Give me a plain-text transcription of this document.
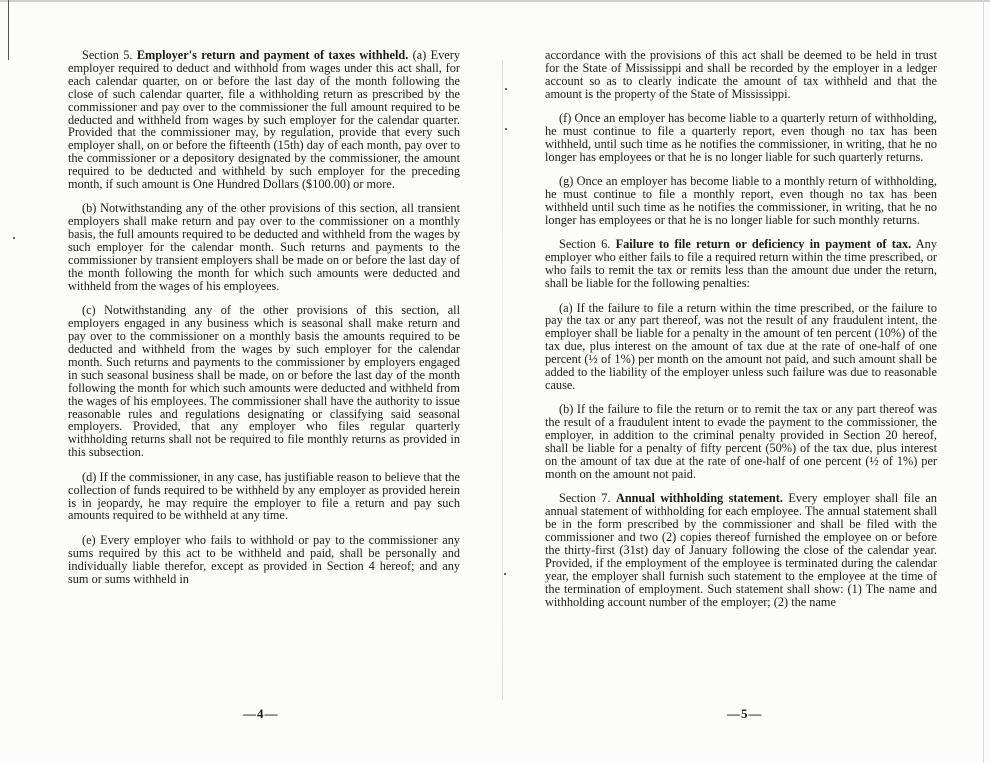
Section 5. Employer's return and payment of taxes withheld. (a) Every employer required to deduct and withhold from wages under this act shall, for each calendar quarter, on or before the last day of the month following the close of such calendar quarter, file a withholding return as prescribed by the commissioner and pay over to the commissioner the full amount required to be deducted and withheld from wages by such employer for the calendar quarter. Provided that the commissioner may, by regulation, provide that every such employer shall, on or before the fifteenth (15th) day of each month, pay over to the commissioner or a depository designated by the commissioner, the amount required to be deducted and withheld by such employer for the preceding month, if such amount is One Hundred Dollars ($100.00) or more.

(b) Notwithstanding any of the other provisions of this section, all transient employers shall make return and pay over to the commissioner on a monthly basis, the full amounts required to be deducted and withheld from the wages by such employer for the calendar month. Such returns and payments to the commissioner by transient employers shall be made on or before the last day of the month following the month for which such amounts were deducted and withheld from the wages of his employees.

(c) Notwithstanding any of the other provisions of this section, all employers engaged in any business which is seasonal shall make return and pay over to the commissioner on a monthly basis the amounts required to be deducted and withheld from the wages by such employer for the calendar month. Such returns and payments to the commissioner by employers engaged in such seasonal business shall be made, on or before the last day of the month following the month for which such amounts were deducted and withheld from the wages of his employees. The commissioner shall have the authority to issue reasonable rules and regulations designating or classifying said seasonal employers. Provided, that any employer who files regular quarterly withholding returns shall not be required to file monthly returns as provided in this subsection.

(d) If the commissioner, in any case, has justifiable reason to believe that the collection of funds required to be withheld by any employer as provided herein is in jeopardy, he may require the employer to file a return and pay such amounts required to be withheld at any time.

(e) Every employer who fails to withhold or pay to the commissioner any sums required by this act to be withheld and paid, shall be personally and individually liable therefor, except as provided in Section 4 hereof; and any sum or sums withheld in

—4—

accordance with the provisions of this act shall be deemed to be held in trust for the State of Mississippi and shall be recorded by the employer in a ledger account so as to clearly indicate the amount of tax withheld and that the amount is the property of the State of Mississippi.

(f) Once an employer has become liable to a quarterly return of withholding, he must continue to file a quarterly report, even though no tax has been withheld, until such time as he notifies the commissioner, in writing, that he no longer has employees or that he is no longer liable for such quarterly returns.

(g) Once an employer has become liable to a monthly return of withholding, he must continue to file a monthly report, even though no tax has been withheld until such time as he notifies the commissioner, in writing, that he no longer has employees or that he is no longer liable for such monthly returns.

Section 6. Failure to file return or deficiency in payment of tax. Any employer who either fails to file a required return within the time prescribed, or who fails to remit the tax or remits less than the amount due under the return, shall be liable for the following penalties:

(a) If the failure to file a return within the time prescribed, or the failure to pay the tax or any part thereof, was not the result of any fraudulent intent, the employer shall be liable for a penalty in the amount of ten percent (10%) of the tax due, plus interest on the amount of tax due at the rate of one-half of one percent (½ of 1%) per month on the amount not paid, and such amount shall be added to the liability of the employer unless such failure was due to reasonable cause.

(b) If the failure to file the return or to remit the tax or any part thereof was the result of a fraudulent intent to evade the payment to the commissioner, the employer, in addition to the criminal penalty provided in Section 20 hereof, shall be liable for a penalty of fifty percent (50%) of the tax due, plus interest on the amount of tax due at the rate of one-half of one percent (½ of 1%) per month on the amount not paid.

Section 7. Annual withholding statement. Every employer shall file an annual statement of withholding for each employee. The annual statement shall be in the form prescribed by the commissioner and shall be filed with the commissioner and two (2) copies thereof furnished the employee on or before the thirty-first (31st) day of January following the close of the calendar year. Provided, if the employment of the employee is terminated during the calendar year, the employer shall furnish such statement to the employee at the time of the termination of employment. Such statement shall show: (1) The name and withholding account number of the employer; (2) the name

—5—
